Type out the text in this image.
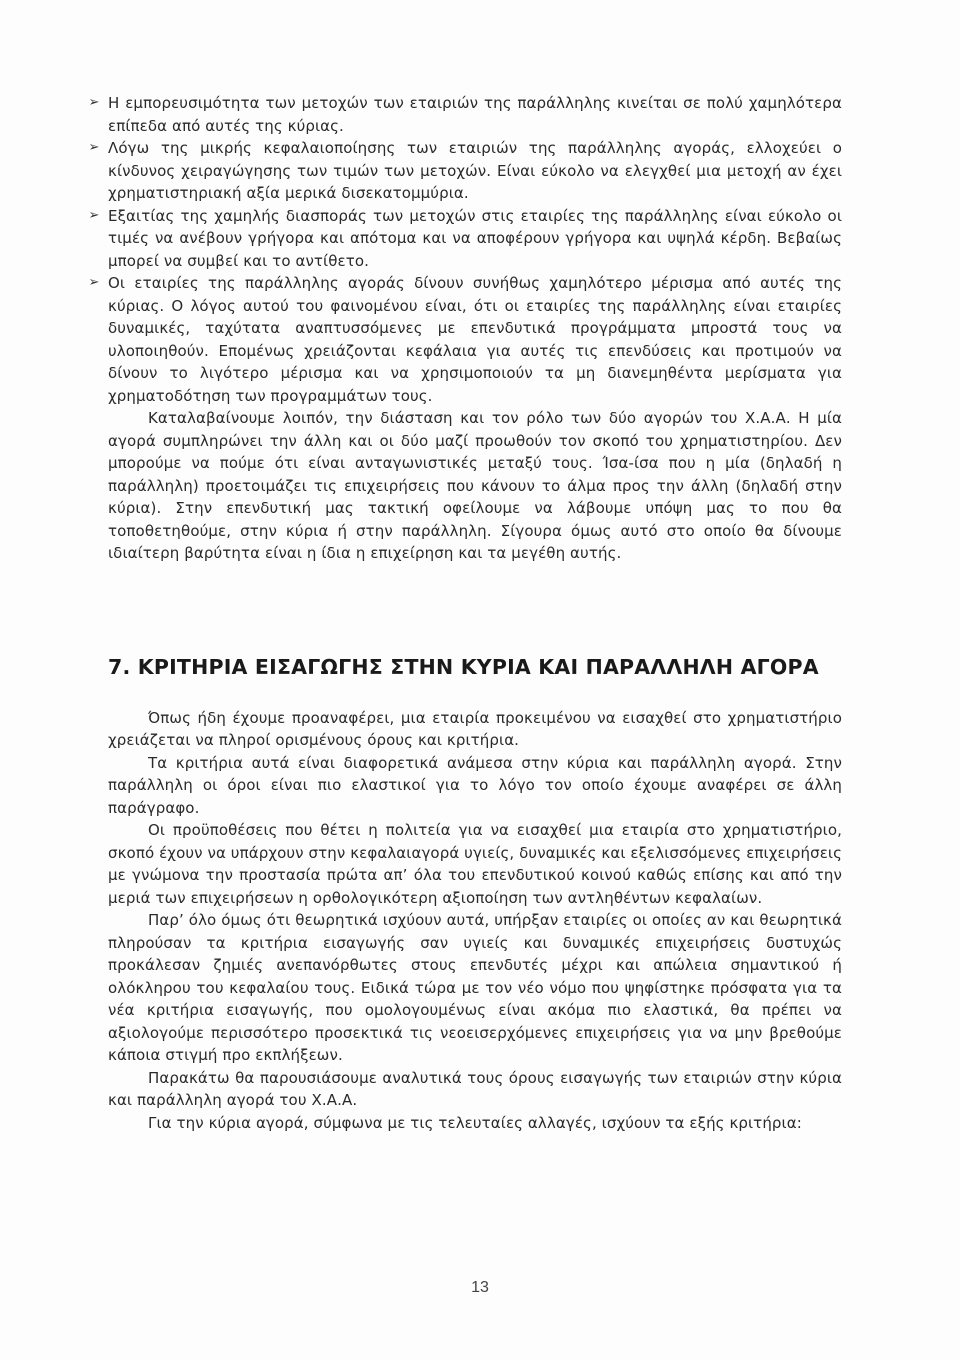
➢ Η εμπορευσιμότητα των μετοχών των εταιριών της παράλληλης κινείται σε πολύ χαμηλότερα επίπεδα από αυτές της κύριας.
➢ Λόγω της μικρής κεφαλαιοποίησης των εταιριών της παράλληλης αγοράς, ελλοχεύει ο κίνδυνος χειραγώγησης των τιμών των μετοχών. Είναι εύκολο να ελεγχθεί μια μετοχή αν έχει χρηματιστηριακή αξία μερικά δισεκατομμύρια.
➢ Εξαιτίας της χαμηλής διασποράς των μετοχών στις εταιρίες της παράλληλης είναι εύκολο οι τιμές να ανέβουν γρήγορα και απότομα και να αποφέρουν γρήγορα και υψηλά κέρδη. Βεβαίως μπορεί να συμβεί και το αντίθετο.
➢ Οι εταιρίες της παράλληλης αγοράς δίνουν συνήθως χαμηλότερο μέρισμα από αυτές της κύριας. Ο λόγος αυτού του φαινομένου είναι, ότι οι εταιρίες της παράλληλης είναι εταιρίες δυναμικές, ταχύτατα αναπτυσσόμενες με επενδυτικά προγράμματα μπροστά τους να υλοποιηθούν. Επομένως χρειάζονται κεφάλαια για αυτές τις επενδύσεις και προτιμούν να δίνουν το λιγότερο μέρισμα και να χρησιμοποιούν τα μη διανεμηθέντα μερίσματα για χρηματοδότηση των προγραμμάτων τους.

Καταλαβαίνουμε λοιπόν, την διάσταση και τον ρόλο των δύο αγορών του Χ.Α.Α. Η μία αγορά συμπληρώνει την άλλη και οι δύο μαζί προωθούν τον σκοπό του χρηματιστηρίου. Δεν μπορούμε να πούμε ότι είναι ανταγωνιστικές μεταξύ τους. Ίσα-ίσα που η μία (δηλαδή η παράλληλη) προετοιμάζει τις επιχειρήσεις που κάνουν το άλμα προς την άλλη (δηλαδή στην κύρια). Στην επενδυτική μας τακτική οφείλουμε να λάβουμε υπόψη μας το που θα τοποθετηθούμε, στην κύρια ή στην παράλληλη. Σίγουρα όμως αυτό στο οποίο θα δίνουμε ιδιαίτερη βαρύτητα είναι η ίδια η επιχείρηση και τα μεγέθη αυτής.

7. ΚΡΙΤΗΡΙΑ ΕΙΣΑΓΩΓΗΣ ΣΤΗΝ ΚΥΡΙΑ ΚΑΙ ΠΑΡΑΛΛΗΛΗ ΑΓΟΡΑ

Όπως ήδη έχουμε προαναφέρει, μια εταιρία προκειμένου να εισαχθεί στο χρηματιστήριο χρειάζεται να πληροί ορισμένους όρους και κριτήρια.

Τα κριτήρια αυτά είναι διαφορετικά ανάμεσα στην κύρια και παράλληλη αγορά. Στην παράλληλη οι όροι είναι πιο ελαστικοί για το λόγο τον οποίο έχουμε αναφέρει σε άλλη παράγραφο.

Οι προϋποθέσεις που θέτει η πολιτεία για να εισαχθεί μια εταιρία στο χρηματιστήριο, σκοπό έχουν να υπάρχουν στην κεφαλαιαγορά υγιείς, δυναμικές και εξελισσόμενες επιχειρήσεις με γνώμονα την προστασία πρώτα απ’ όλα του επενδυτικού κοινού καθώς επίσης και από την μεριά των επιχειρήσεων η ορθολογικότερη αξιοποίηση των αντληθέντων κεφαλαίων.

Παρ’ όλο όμως ότι θεωρητικά ισχύουν αυτά, υπήρξαν εταιρίες οι οποίες αν και θεωρητικά πληρούσαν τα κριτήρια εισαγωγής σαν υγιείς και δυναμικές επιχειρήσεις δυστυχώς προκάλεσαν ζημιές ανεπανόρθωτες στους επενδυτές μέχρι και απώλεια σημαντικού ή ολόκληρου του κεφαλαίου τους. Ειδικά τώρα με τον νέο νόμο που ψηφίστηκε πρόσφατα για τα νέα κριτήρια εισαγωγής, που ομολογουμένως είναι ακόμα πιο ελαστικά, θα πρέπει να αξιολογούμε περισσότερο προσεκτικά τις νεοεισερχόμενες επιχειρήσεις για να μην βρεθούμε κάποια στιγμή προ εκπλήξεων.

Παρακάτω θα παρουσιάσουμε αναλυτικά τους όρους εισαγωγής των εταιριών στην κύρια και παράλληλη αγορά του Χ.Α.Α.

Για την κύρια αγορά, σύμφωνα με τις τελευταίες αλλαγές, ισχύουν τα εξής κριτήρια:

13
